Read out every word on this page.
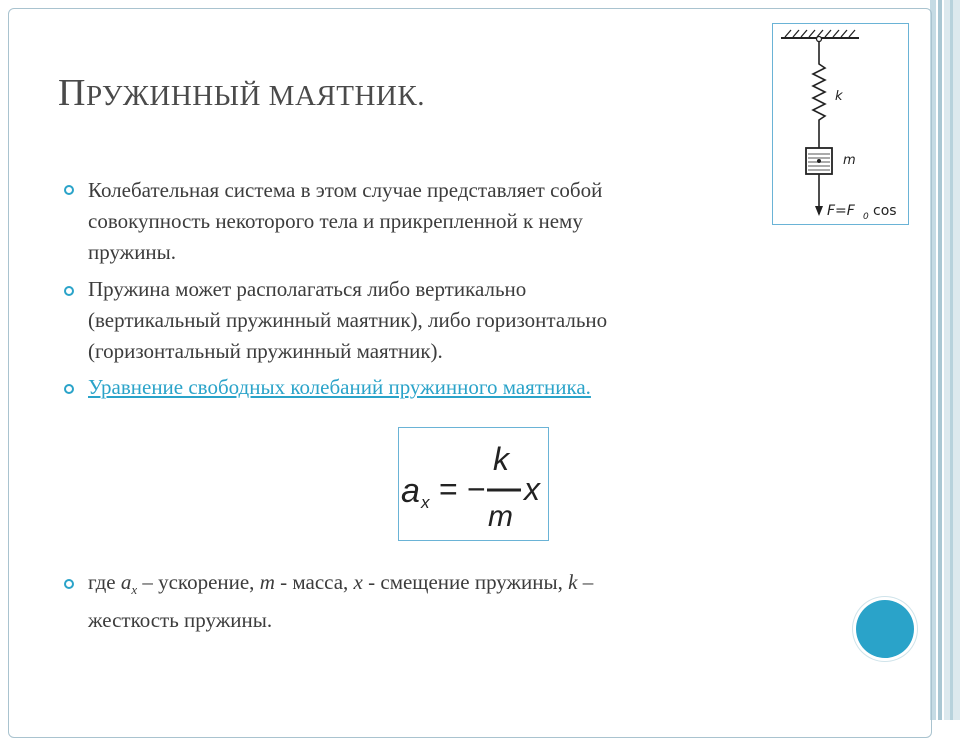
ПРУЖИННЫЙ МАЯТНИК.

Колебательная система в этом случае представляет собой
совокупность некоторого тела и прикрепленной к нему
пружины.

Пружина может располагаться либо вертикально
(вертикальный пружинный маятник), либо горизонтально
(горизонтальный пружинный маятник).

Уравнение свободных колебаний пружинного маятника.

a x = −
k
m
x

где $a_x$ – ускорение, m - масса, x - смещение пружины, k –
жесткость пружины.

k
m
F=F 0 cos
